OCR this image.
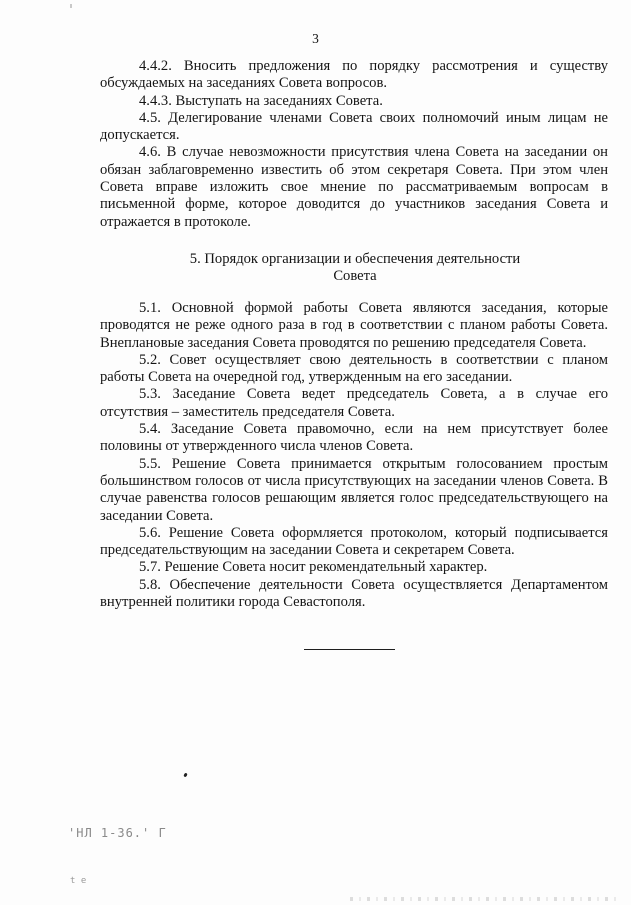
3

4.4.2. Вносить предложения по порядку рассмотрения и существу обсуждаемых на заседаниях Совета вопросов.

4.4.3. Выступать на заседаниях Совета.

4.5. Делегирование членами Совета своих полномочий иным лицам не допускается.

4.6. В случае невозможности присутствия члена Совета на заседании он обязан заблаговременно известить об этом секретаря Совета. При этом член Совета вправе изложить свое мнение по рассматриваемым вопросам в письменной форме, которое доводится до участников заседания Совета и отражается в протоколе.

5. Порядок организации и обеспечения деятельности
Совета

5.1. Основной формой работы Совета являются заседания, которые проводятся не реже одного раза в год в соответствии с планом работы Совета. Внеплановые заседания Совета проводятся по решению председателя Совета.

5.2. Совет осуществляет свою деятельность в соответствии с планом работы Совета на очередной год, утвержденным на его заседании.

5.3. Заседание Совета ведет председатель Совета, а в случае его отсутствия – заместитель председателя Совета.

5.4. Заседание Совета правомочно, если на нем присутствует более половины от утвержденного числа членов Совета.

5.5. Решение Совета принимается открытым голосованием простым большинством голосов от числа присутствующих на заседании членов Совета. В случае равенства голосов решающим является голос председательствующего на заседании Совета.

5.6. Решение Совета оформляется протоколом, который подписывается председательствующим на заседании Совета и секретарем Совета.

5.7. Решение Совета носит рекомендательный характер.

5.8. Обеспечение деятельности Совета осуществляется Департаментом внутренней политики города Севастополя.

'НЛ 1-36.' Г
t e
